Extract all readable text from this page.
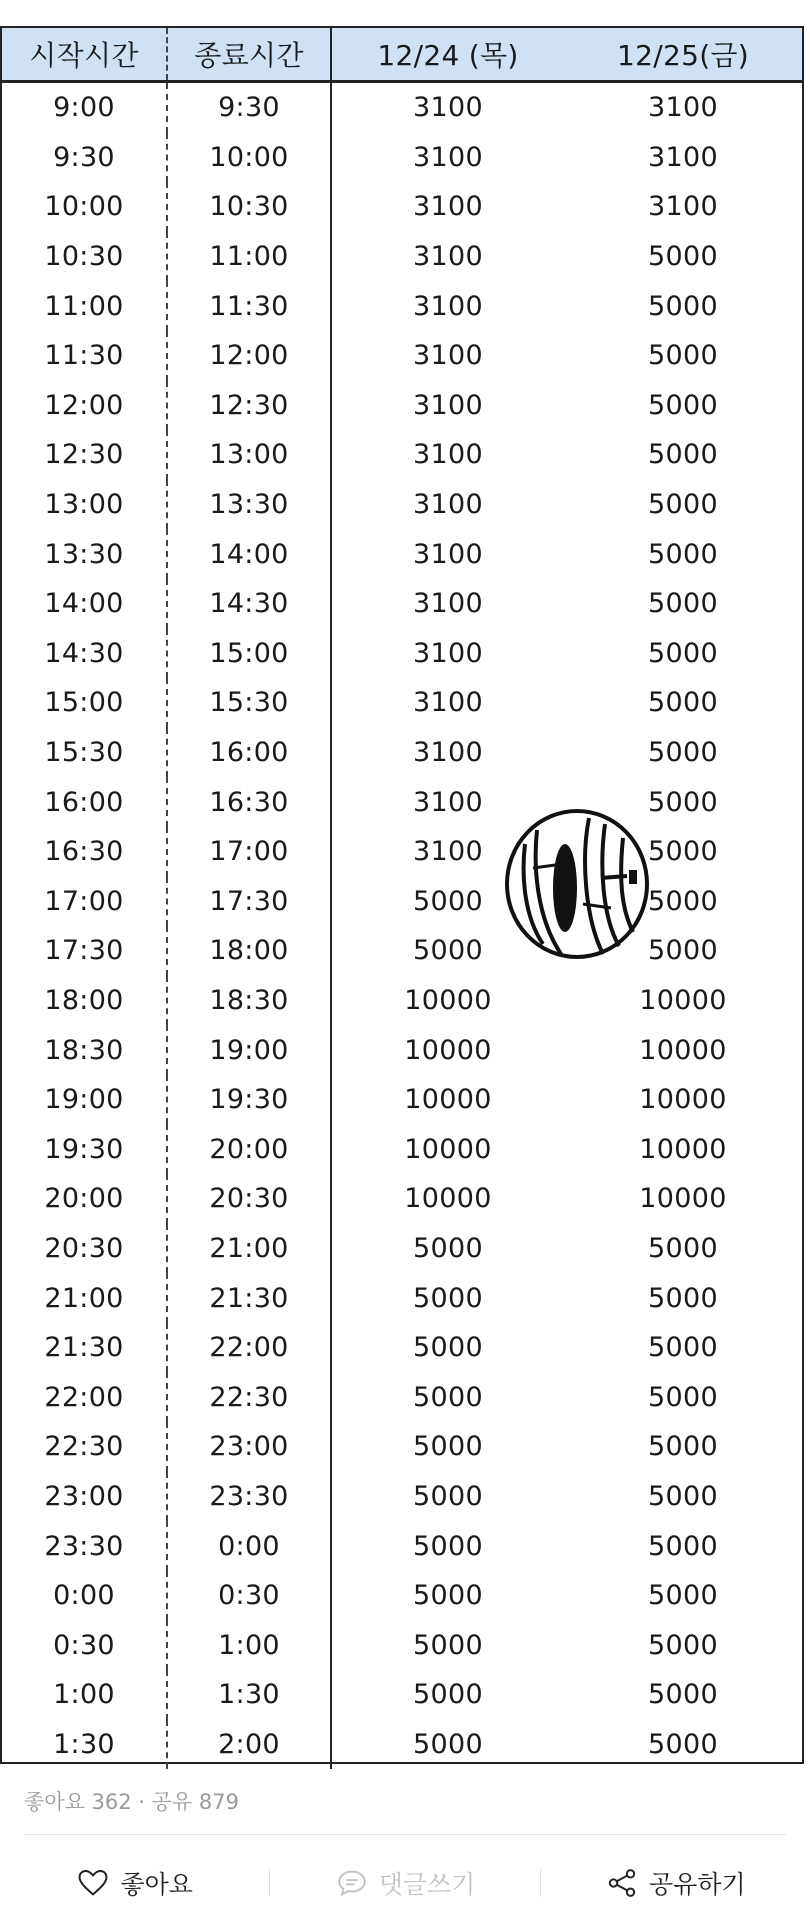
시작시간	종료시간	12/24 (목)	12/25(금)
9:00	9:30	3100	3100
9:30	10:00	3100	3100
10:00	10:30	3100	3100
10:30	11:00	3100	5000
11:00	11:30	3100	5000
11:30	12:00	3100	5000
12:00	12:30	3100	5000
12:30	13:00	3100	5000
13:00	13:30	3100	5000
13:30	14:00	3100	5000
14:00	14:30	3100	5000
14:30	15:00	3100	5000
15:00	15:30	3100	5000
15:30	16:00	3100	5000
16:00	16:30	3100	5000
16:30	17:00	3100	5000
17:00	17:30	5000	5000
17:30	18:00	5000	5000
18:00	18:30	10000	10000
18:30	19:00	10000	10000
19:00	19:30	10000	10000
19:30	20:00	10000	10000
20:00	20:30	10000	10000
20:30	21:00	5000	5000
21:00	21:30	5000	5000
21:30	22:00	5000	5000
22:00	22:30	5000	5000
22:30	23:00	5000	5000
23:00	23:30	5000	5000
23:30	0:00	5000	5000
0:00	0:30	5000	5000
0:30	1:00	5000	5000
1:00	1:30	5000	5000
1:30	2:00	5000	5000
좋아요 362 · 공유 879
좋아요	댓글쓰기	공유하기
